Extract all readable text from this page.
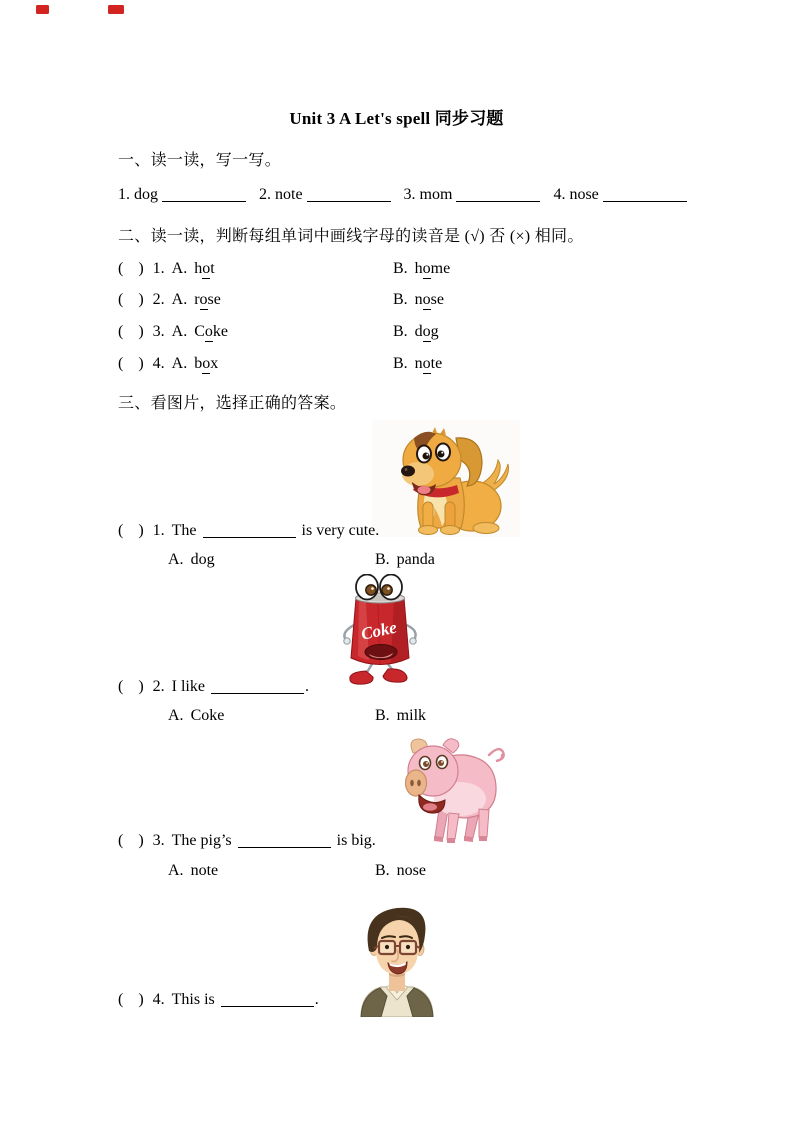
Unit 3 A Let's spell 同步习题
一、读一读，写一写。
1. dog	2. note	3. mom	4. nose
二、读一读，判断每组单词中画线字母的读音是 (√) 否 (×) 相同。
( ) 1. A. hot	B. home
( ) 2. A. rose	B. nose
( ) 3. A. Coke	B. dog
( ) 4. A. box	B. note
三、看图片，选择正确的答案。
( ) 1. The	is very cute.
A. dog	B. panda
Coke
( ) 2. I like	.
A. Coke	B. milk
( ) 3. The pig’s	is big.
A. note	B. nose
( ) 4. This is	.
